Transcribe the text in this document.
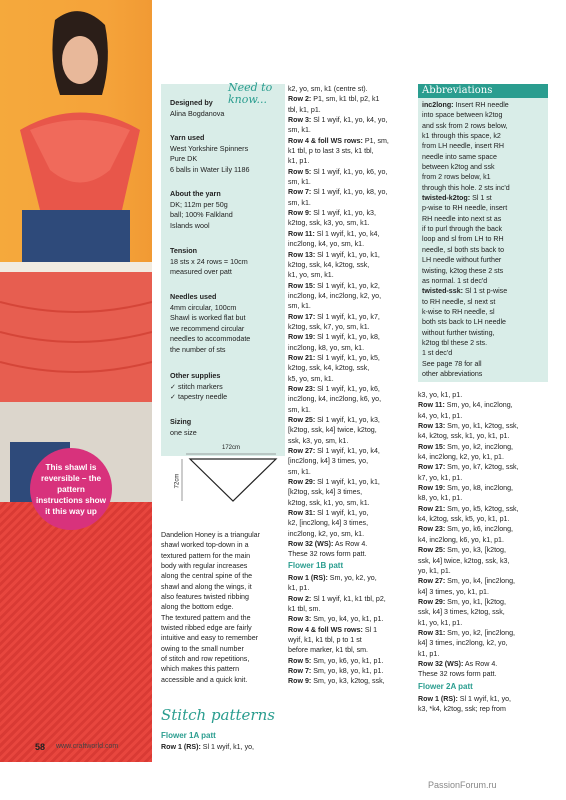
This shawl is reversible – the pattern instructions show it this way up
Need to know...
Designed by
Alina Bogdanova
Yarn used
West Yorkshire Spinners
Pure DK
6 balls in Water Lily 1186
About the yarn
DK; 112m per 50g
ball; 100% Falkland
Islands wool
Tension
18 sts x 24 rows = 10cm
measured over patt
Needles used
4mm circular, 100cm
Shawl is worked flat but
we recommend circular
needles to accommodate
the number of sts
Other supplies
✓ stitch markers
✓ tapestry needle
Sizing
one size
172cm
72cm

Dandelion Honey is a triangular

shawl worked top-down in a

textured pattern for the main

body with regular increases

along the central spine of the

shawl and along the wings, it

also features twisted ribbing

along the bottom edge.

The textured pattern and the

twisted ribbed edge are fairly

intuitive and easy to remember

owing to the small number

of stitch and row repetitions,

which makes this pattern

accessible and a quick knit.

Stitch patterns
Flower 1A patt

Row 1 (RS): Sl 1 wyif, k1, yo,

k2, yo, sm, k1 (centre st).

Row 2: P1, sm, k1 tbl, p2, k1

tbl, k1, p1.

Row 3: Sl 1 wyif, k1, yo, k4, yo,

sm, k1.

Row 4 & foll WS rows: P1, sm,

k1 tbl, p to last 3 sts, k1 tbl,

k1, p1.

Row 5: Sl 1 wyif, k1, yo, k6, yo,

sm, k1.

Row 7: Sl 1 wyif, k1, yo, k8, yo,

sm, k1.

Row 9: Sl 1 wyif, k1, yo, k3,

k2tog, ssk, k3, yo, sm, k1.

Row 11: Sl 1 wyif, k1, yo, k4,

inc2long, k4, yo, sm, k1.

Row 13: Sl 1 wyif, k1, yo, k1,

k2tog, ssk, k4, k2tog, ssk,

k1, yo, sm, k1.

Row 15: Sl 1 wyif, k1, yo, k2,

inc2long, k4, inc2long, k2, yo,

sm, k1.

Row 17: Sl 1 wyif, k1, yo, k7,

k2tog, ssk, k7, yo, sm, k1.

Row 19: Sl 1 wyif, k1, yo, k8,

inc2long, k8, yo, sm, k1.

Row 21: Sl 1 wyif, k1, yo, k5,

k2tog, ssk, k4, k2tog, ssk,

k5, yo, sm, k1.

Row 23: Sl 1 wyif, k1, yo, k6,

inc2long, k4, inc2long, k6, yo,

sm, k1.

Row 25: Sl 1 wyif, k1, yo, k3,

[k2tog, ssk, k4] twice, k2tog,

ssk, k3, yo, sm, k1.

Row 27: Sl 1 wyif, k1, yo, k4,

[inc2long, k4] 3 times, yo,

sm, k1.

Row 29: Sl 1 wyif, k1, yo, k1,

[k2tog, ssk, k4] 3 times,

k2tog, ssk, k1, yo, sm, k1.

Row 31: Sl 1 wyif, k1, yo,

k2, [inc2long, k4] 3 times,

inc2long, k2, yo, sm, k1.

Row 32 (WS): As Row 4.

These 32 rows form patt.

Flower 1B patt

Row 1 (RS): Sm, yo, k2, yo,

k1, p1.

Row 2: Sl 1 wyif, k1, k1 tbl, p2,

k1 tbl, sm.

Row 3: Sm, yo, k4, yo, k1, p1.

Row 4 & foll WS rows: Sl 1

wyif, k1, k1 tbl, p to 1 st

before marker, k1 tbl, sm.

Row 5: Sm, yo, k6, yo, k1, p1.

Row 7: Sm, yo, k8, yo, k1, p1.

Row 9: Sm, yo, k3, k2tog, ssk,

Abbreviations

inc2long: Insert RH needle

into space between k2tog

and ssk from 2 rows below,

k1 through this space, k2

from LH needle, insert RH

needle into same space

between k2tog and ssk

from 2 rows below, k1

through this hole. 2 sts inc'd

twisted-k2tog: Sl 1 st

p-wise to RH needle, insert

RH needle into next st as

if to purl through the back

loop and sl from LH to RH

needle, sl both sts back to

LH needle without further

twisting, k2tog these 2 sts

as normal. 1 st dec'd

twisted-ssk: Sl 1 st p-wise

to RH needle, sl next st

k-wise to RH needle, sl

both sts back to LH needle

without further twisting,

k2tog tbl these 2 sts.

1 st dec'd

See page 78 for all

other abbreviations

k3, yo, k1, p1.

Row 11: Sm, yo, k4, inc2long,

k4, yo, k1, p1.

Row 13: Sm, yo, k1, k2tog, ssk,

k4, k2tog, ssk, k1, yo, k1, p1.

Row 15: Sm, yo, k2, inc2long,

k4, inc2long, k2, yo, k1, p1.

Row 17: Sm, yo, k7, k2tog, ssk,

k7, yo, k1, p1.

Row 19: Sm, yo, k8, inc2long,

k8, yo, k1, p1.

Row 21: Sm, yo, k5, k2tog, ssk,

k4, k2tog, ssk, k5, yo, k1, p1.

Row 23: Sm, yo, k6, inc2long,

k4, inc2long, k6, yo, k1, p1.

Row 25: Sm, yo, k3, [k2tog,

ssk, k4] twice, k2tog, ssk, k3,

yo, k1, p1.

Row 27: Sm, yo, k4, [inc2long,

k4] 3 times, yo, k1, p1.

Row 29: Sm, yo, k1, [k2tog,

ssk, k4] 3 times, k2tog, ssk,

k1, yo, k1, p1.

Row 31: Sm, yo, k2, [inc2long,

k4] 3 times, inc2long, k2, yo,

k1, p1.

Row 32 (WS): As Row 4.

These 32 rows form patt.

Flower 2A patt

Row 1 (RS): Sl 1 wyif, k1, yo,

k3, *k4, k2tog, ssk; rep from

58 www.craftworld.com
PassionForum.ru
